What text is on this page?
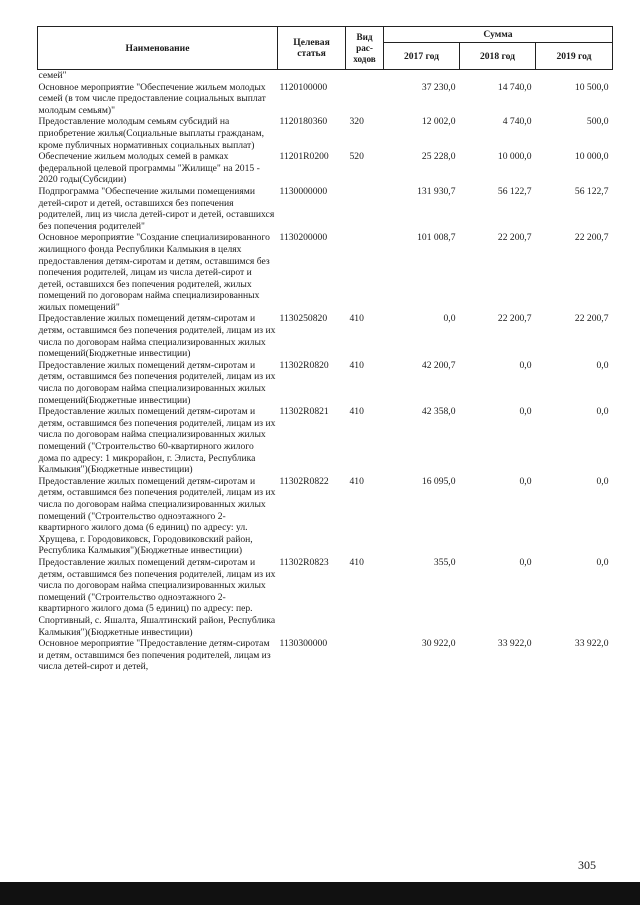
Наименование	Целевая статья	Вид рас-ходов	Сумма		
			2017 год	2018 год	2019 год
семей"					
Основное мероприятие "Обеспечение жильем молодых семей (в том числе предоставление социальных выплат молодым семьям)"	1120100000		37 230,0	14 740,0	10 500,0
Предоставление молодым семьям субсидий на приобретение жилья(Социальные выплаты гражданам, кроме публичных нормативных социальных выплат)	1120180360	320	12 002,0	4 740,0	500,0
Обеспечение жильем молодых семей в рамках федеральной целевой программы "Жилище" на 2015 - 2020 годы(Субсидии)	11201R0200	520	25 228,0	10 000,0	10 000,0
Подпрограмма "Обеспечение жилыми помещениями детей-сирот и детей, оставшихся без попечения родителей, лиц из числа детей-сирот и детей, оставшихся без попечения родителей"	1130000000		131 930,7	56 122,7	56 122,7
Основное мероприятие "Создание специализированного жилищного фонда Республики Калмыкия в целях предоставления детям-сиротам и детям, оставшимся без попечения родителей, лицам из числа детей-сирот и детей, оставшихся без попечения родителей, жилых помещений по договорам найма специализированных жилых помещений"	1130200000		101 008,7	22 200,7	22 200,7
Предоставление жилых помещений детям-сиротам и детям, оставшимся без попечения родителей, лицам из их числа по договорам найма специализированных жилых помещений(Бюджетные инвестиции)	1130250820	410	0,0	22 200,7	22 200,7
Предоставление жилых помещений детям-сиротам и детям, оставшимся без попечения родителей, лицам из их числа по договорам найма специализированных жилых помещений(Бюджетные инвестиции)	11302R0820	410	42 200,7	0,0	0,0
Предоставление жилых помещений детям-сиротам и детям, оставшимся без попечения родителей, лицам из их числа по договорам найма специализированных жилых помещений ("Строительство 60-квартирного жилого дома по адресу: 1 микрорайон, г. Элиста, Республика Калмыкия")(Бюджетные инвестиции)	11302R0821	410	42 358,0	0,0	0,0
Предоставление жилых помещений детям-сиротам и детям, оставшимся без попечения родителей, лицам из их числа по договорам найма специализированных жилых помещений ("Строительство одноэтажного 2-квартирного жилого дома (6 единиц) по адресу: ул. Хрущева, г. Городовиковск, Городовиковский район, Республика Калмыкия")(Бюджетные инвестиции)	11302R0822	410	16 095,0	0,0	0,0
Предоставление жилых помещений детям-сиротам и детям, оставшимся без попечения родителей, лицам из их числа по договорам найма специализированных жилых помещений ("Строительство одноэтажного 2-квартирного жилого дома (5 единиц) по адресу: пер. Спортивный, с. Яшалта, Яшалтинский район, Республика Калмыкия")(Бюджетные инвестиции)	11302R0823	410	355,0	0,0	0,0
Основное мероприятие "Предоставление детям-сиротам и детям, оставшимся без попечения родителей, лицам из числа детей-сирот и детей,	1130300000		30 922,0	33 922,0	33 922,0
305
